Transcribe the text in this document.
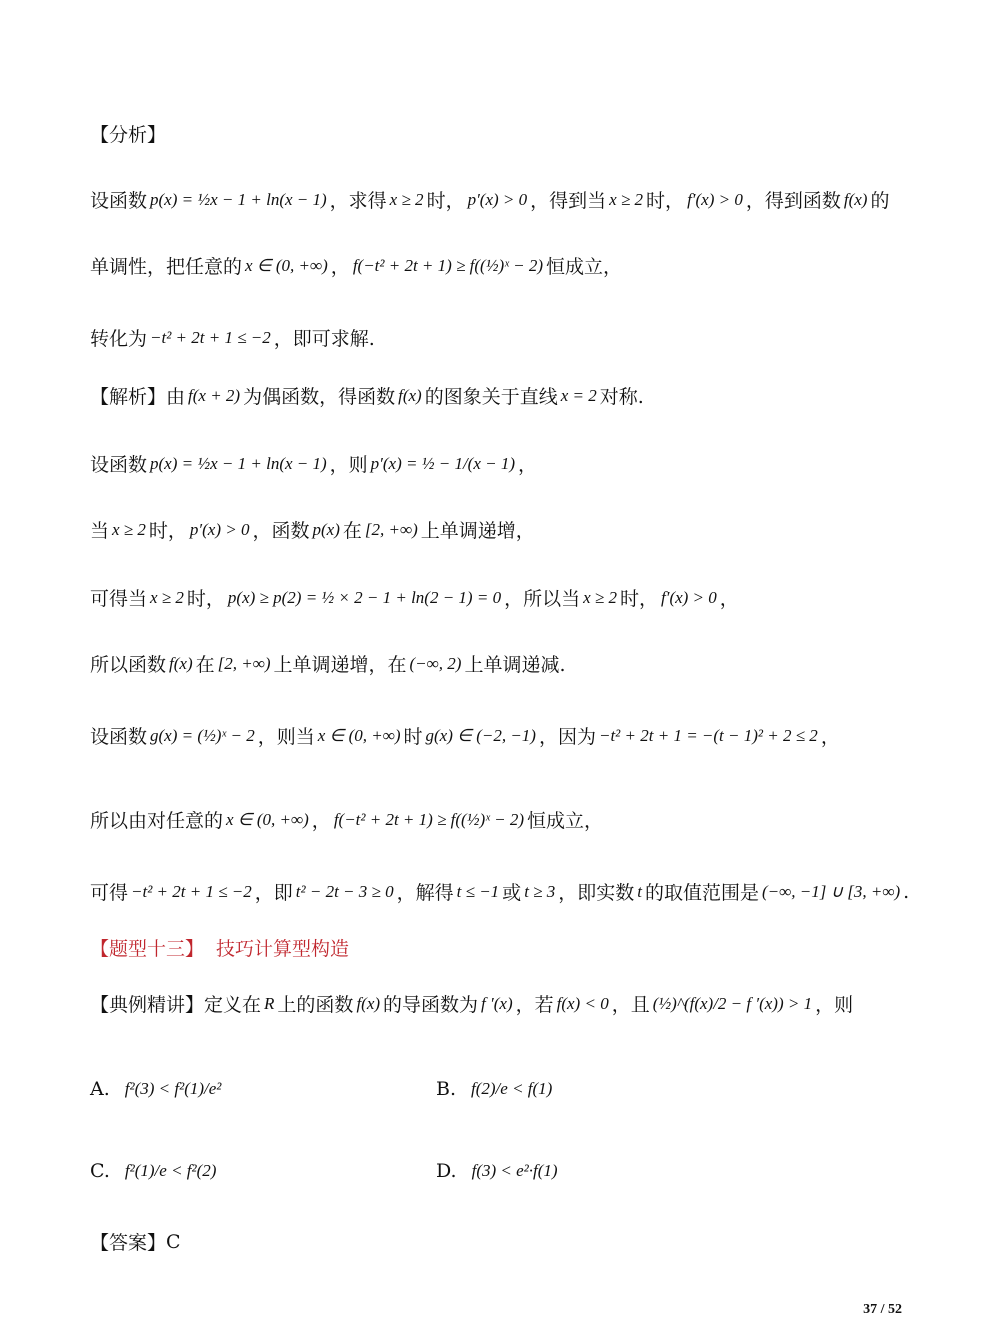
【分析】
设函数 p(x) = ½x − 1 + ln(x − 1) ，求得 x ≥ 2 时， p′(x) > 0 ，得到当 x ≥ 2 时， f′(x) > 0 ，得到函数 f(x) 的
单调性，把任意的 x ∈ (0, +∞) ， f(−t² + 2t + 1) ≥ f((½)ˣ − 2) 恒成立，
转化为 −t² + 2t + 1 ≤ −2 ，即可求解.
【解析】 由 f(x + 2) 为偶函数，得函数 f(x) 的图象关于直线 x = 2 对称.
设函数 p(x) = ½x − 1 + ln(x − 1) ，则 p′(x) = ½ − 1/(x − 1) ，
当 x ≥ 2 时， p′(x) > 0 ，函数 p(x) 在 [2, +∞) 上单调递增，
可得当 x ≥ 2 时， p(x) ≥ p(2) = ½ × 2 − 1 + ln(2 − 1) = 0 ，所以当 x ≥ 2 时， f′(x) > 0 ，
所以函数 f(x) 在 [2, +∞) 上单调递增，在 (−∞, 2) 上单调递减.
设函数 g(x) = (½)ˣ − 2 ，则当 x ∈ (0, +∞) 时 g(x) ∈ (−2, −1) ，因为 −t² + 2t + 1 = −(t − 1)² + 2 ≤ 2 ，
所以由对任意的 x ∈ (0, +∞) ， f(−t² + 2t + 1) ≥ f((½)ˣ − 2) 恒成立，
可得 −t² + 2t + 1 ≤ −2 ，即 t² − 2t − 3 ≥ 0 ，解得 t ≤ −1 或 t ≥ 3 ，即实数 t 的取值范围是 (−∞, −1] ∪ [3, +∞) .
【题型十三】 技巧计算型构造
【典例精讲】 定义在 R 上的函数 f(x) 的导函数为 f ′(x) ，若 f(x) < 0 ，且 (½)^(f(x)/2 − f ′(x)) > 1 ，则
A. f²(3) < f²(1)/e²	B. f(2)/e < f(1)
C. f²(1)/e < f²(2)	D. f(3) < e²·f(1)
【答案】 C
37 / 52
